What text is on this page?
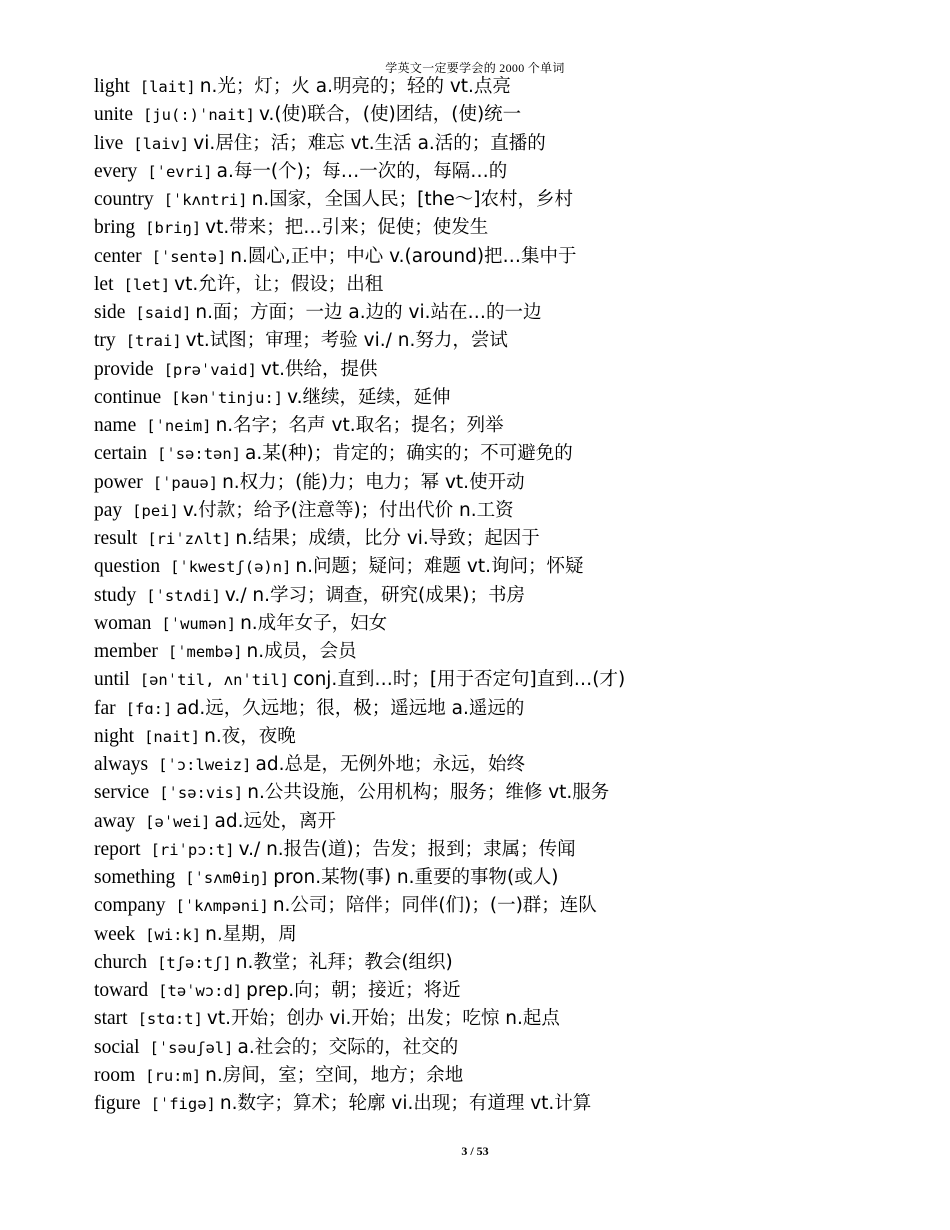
学英文一定要学会的 2000 个单词
light [lait] n.光；灯；火 a.明亮的；轻的 vt.点亮
unite [ju(:)ˈnait] v.(使)联合，(使)团结，(使)统一
live [laiv] vi.居住；活；难忘 vt.生活 a.活的；直播的
every [ˈevri] a.每一(个)；每…一次的，每隔…的
country [ˈkʌntri] n.国家，全国人民；[the～]农村，乡村
bring [briŋ] vt.带来；把…引来；促使；使发生
center [ˈsentə] n.圆心,正中；中心 v.(around)把…集中于
let [let] vt.允许，让；假设；出租
side [said] n.面；方面；一边 a.边的 vi.站在…的一边
try [trai] vt.试图；审理；考验 vi./ n.努力，尝试
provide [prəˈvaid] vt.供给，提供
continue [kənˈtinju:] v.继续，延续，延伸
name [ˈneim] n.名字；名声 vt.取名；提名；列举
certain [ˈsə:tən] a.某(种)；肯定的；确实的；不可避免的
power [ˈpauə] n.权力；(能)力；电力；幂 vt.使开动
pay [pei] v.付款；给予(注意等)；付出代价 n.工资
result [riˈzʌlt] n.结果；成绩，比分 vi.导致；起因于
question [ˈkwestʃ(ə)n] n.问题；疑问；难题 vt.询问；怀疑
study [ˈstʌdi] v./ n.学习；调查，研究(成果)；书房
woman [ˈwumən] n.成年女子，妇女
member [ˈmembə] n.成员，会员
until [ənˈtil, ʌnˈtil] conj.直到…时；[用于否定句]直到…(才)
far [fɑ:] ad.远，久远地；很，极；遥远地 a.遥远的
night [nait] n.夜，夜晚
always [ˈɔ:lweiz] ad.总是，无例外地；永远，始终
service [ˈsə:vis] n.公共设施，公用机构；服务；维修 vt.服务
away [əˈwei] ad.远处，离开
report [riˈpɔ:t] v./ n.报告(道)；告发；报到；隶属；传闻
something [ˈsʌmθiŋ] pron.某物(事) n.重要的事物(或人)
company [ˈkʌmpəni] n.公司；陪伴；同伴(们)；(一)群；连队
week [wi:k] n.星期，周
church [tʃə:tʃ] n.教堂；礼拜；教会(组织)
toward [təˈwɔ:d] prep.向；朝；接近；将近
start [stɑ:t] vt.开始；创办 vi.开始；出发；吃惊 n.起点
social [ˈsəuʃəl] a.社会的；交际的，社交的
room [ru:m] n.房间，室；空间，地方；余地
figure [ˈfigə] n.数字；算术；轮廓 vi.出现；有道理 vt.计算
3 / 53
